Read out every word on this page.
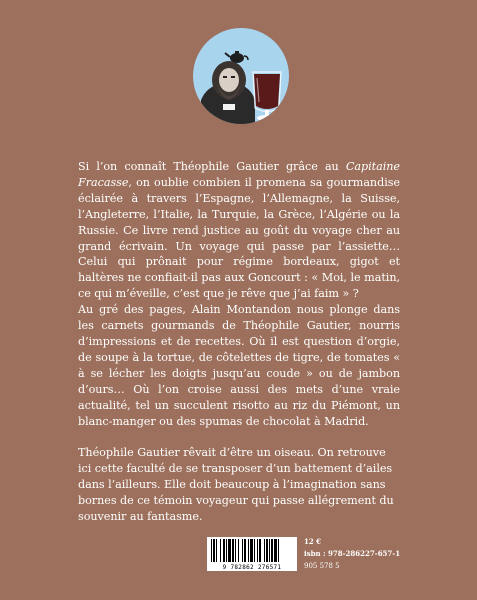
Si l’on connaît Théophile Gautier grâce au Capitaine Fracasse, on oublie combien il promena sa gourmandise éclairée à travers l’Espagne, l’Allemagne, la Suisse, l’Angleterre, l’Italie, la Turquie, la Grèce, l’Algérie ou la Russie. Ce livre rend justice au goût du voyage cher au grand écrivain. Un voyage qui passe par l’assiette… Celui qui prônait pour régime bordeaux, gigot et haltères ne confiait-il pas aux Goncourt : « Moi, le matin, ce qui m’éveille, c’est que je rêve que j’ai faim » ?

Au gré des pages, Alain Montandon nous plonge dans les carnets gourmands de Théophile Gautier, nourris d’impressions et de recettes. Où il est question d’orgie, de soupe à la tortue, de côtelettes de tigre, de tomates « à se lécher les doigts jusqu’au coude » ou de jambon d’ours… Où l’on croise aussi des mets d’une vraie actualité, tel un succulent risotto au riz du Piémont, un blanc-manger ou des spumas de chocolat à Madrid.

Théophile Gautier rêvait d’être un oiseau. On retrouve ici cette faculté de se transposer d’un battement d’ailes dans l’ailleurs. Elle doit beaucoup à l’imagination sans bornes de ce témoin voyageur qui passe allégrement du souvenir au fantasme.

9 782862 276571
12 €
isbn : 978-286227-657-1
905 578 5
